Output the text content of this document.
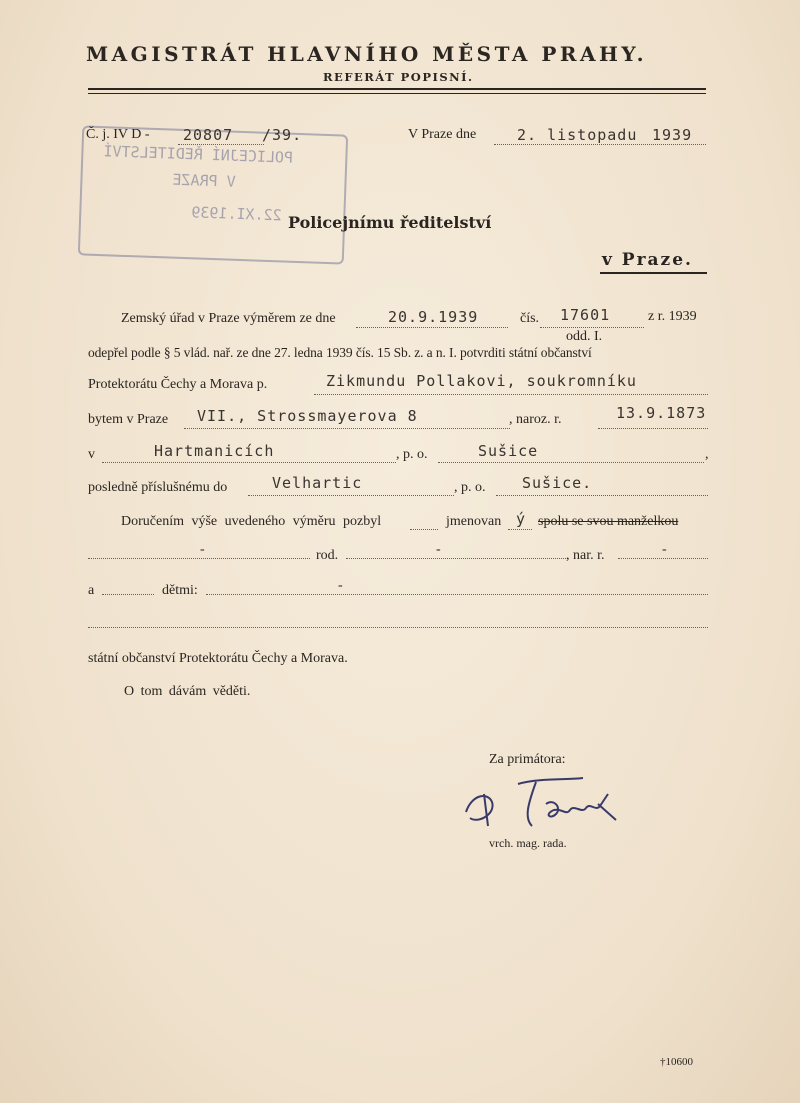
MAGISTRÁT HLAVNÍHO MĚSTA PRAHY.
REFERÁT POPISNÍ.
POLICEJNÍ ŘEDITELSTVÍ
V PRAZE
22.XI.1939
Č. j. IV D - 20807 /39.	V Praze dne	2. listopadu 1939
Policejnímu ředitelství
v Praze.
Zemský úřad v Praze výměrem ze dne	20.9.1939	čís. 17601	z r. 1939
odd. I.
odepřel podle § 5 vlád. nař. ze dne 27. ledna 1939 čís. 15 Sb. z. a n. I. potvrditi státní občanství
Protektorátu Čechy a Morava p.	Zikmundu Pollakovi, soukromníku
bytem v Praze VII., Strossmayerova 8	, naroz. r.	13.9.1873
v	Hartmanicích	, p. o.	Sušice	,
posledně příslušnému do	Velhartic	, p. o. Sušice.
Doručením výše uvedeného výměru pozbyl	jmenovan ý spolu se svou manželkou
-	rod.	-	, nar. r.	-
a	dětmi:	-
státní občanství Protektorátu Čechy a Morava.
O tom dávám věděti.
Za primátora:
vrch. mag. rada.
†10600
